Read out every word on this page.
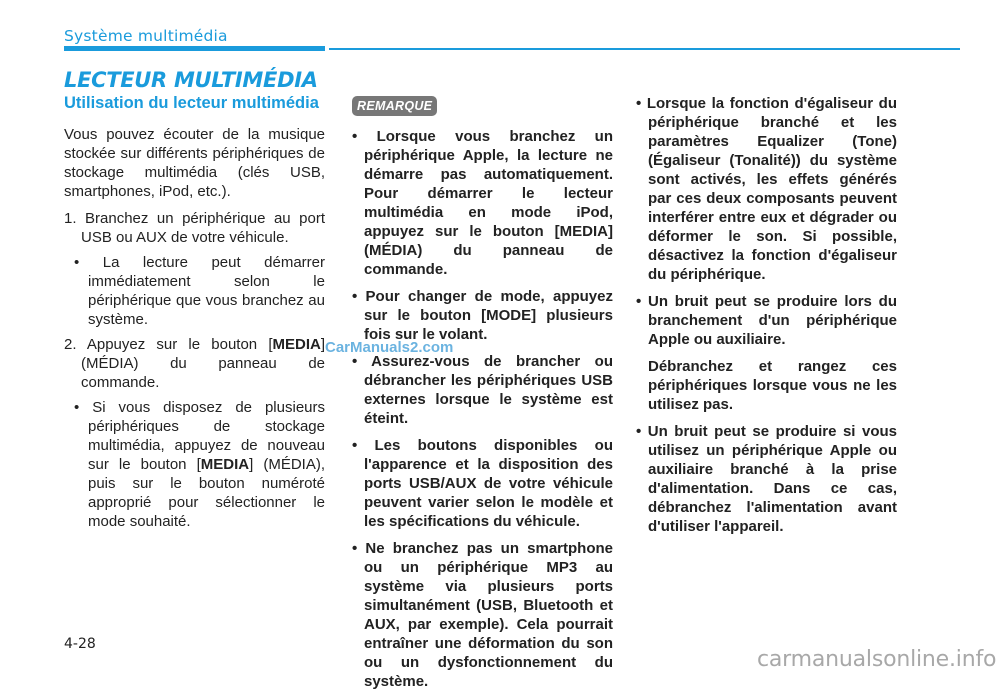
Système multimédia
LECTEUR MULTIMÉDIA
Utilisation du lecteur multimédia

Vous pouvez écouter de la musique stockée sur différents périphériques de stockage multimédia (clés USB, smartphones, iPod, etc.).

1. Branchez un périphérique au port USB ou AUX de votre véhicule.

• La lecture peut démarrer immédiatement selon le périphérique que vous branchez au système.

2. Appuyez sur le bouton [MEDIA] (MÉDIA) du panneau de commande.

• Si vous disposez de plusieurs périphériques de stockage multimédia, appuyez de nouveau sur le bouton [MEDIA] (MÉDIA), puis sur le bouton numéroté approprié pour sélectionner le mode souhaité.

REMARQUE

• Lorsque vous branchez un périphérique Apple, la lecture ne démarre pas automatiquement. Pour démarrer le lecteur multimédia en mode iPod, appuyez sur le bouton [MEDIA] (MÉDIA) du panneau de commande.

• Pour changer de mode, appuyez sur le bouton [MODE] plusieurs fois sur le volant.

• Assurez-vous de brancher ou débrancher les périphériques USB externes lorsque le système est éteint.

• Les boutons disponibles ou l'apparence et la disposition des ports USB/AUX de votre véhicule peuvent varier selon le modèle et les spécifications du véhicule.

• Ne branchez pas un smartphone ou un périphérique MP3 au système via plusieurs ports simultanément (USB, Bluetooth et AUX, par exemple). Cela pourrait entraîner une déformation du son ou un dysfonctionnement du système.

• Lorsque la fonction d'égaliseur du périphérique branché et les paramètres Equalizer (Tone) (Égaliseur (Tonalité)) du système sont activés, les effets générés par ces deux composants peuvent interférer entre eux et dégrader ou déformer le son. Si possible, désactivez la fonction d'égaliseur du périphérique.

• Un bruit peut se produire lors du branchement d'un périphérique Apple ou auxiliaire.

Débranchez et rangez ces périphériques lorsque vous ne les utilisez pas.

• Un bruit peut se produire si vous utilisez un périphérique Apple ou auxiliaire branché à la prise d'alimentation. Dans ce cas, débranchez l'alimentation avant d'utiliser l'appareil.

4-28
CarManuals2.com
carmanualsonline.info
